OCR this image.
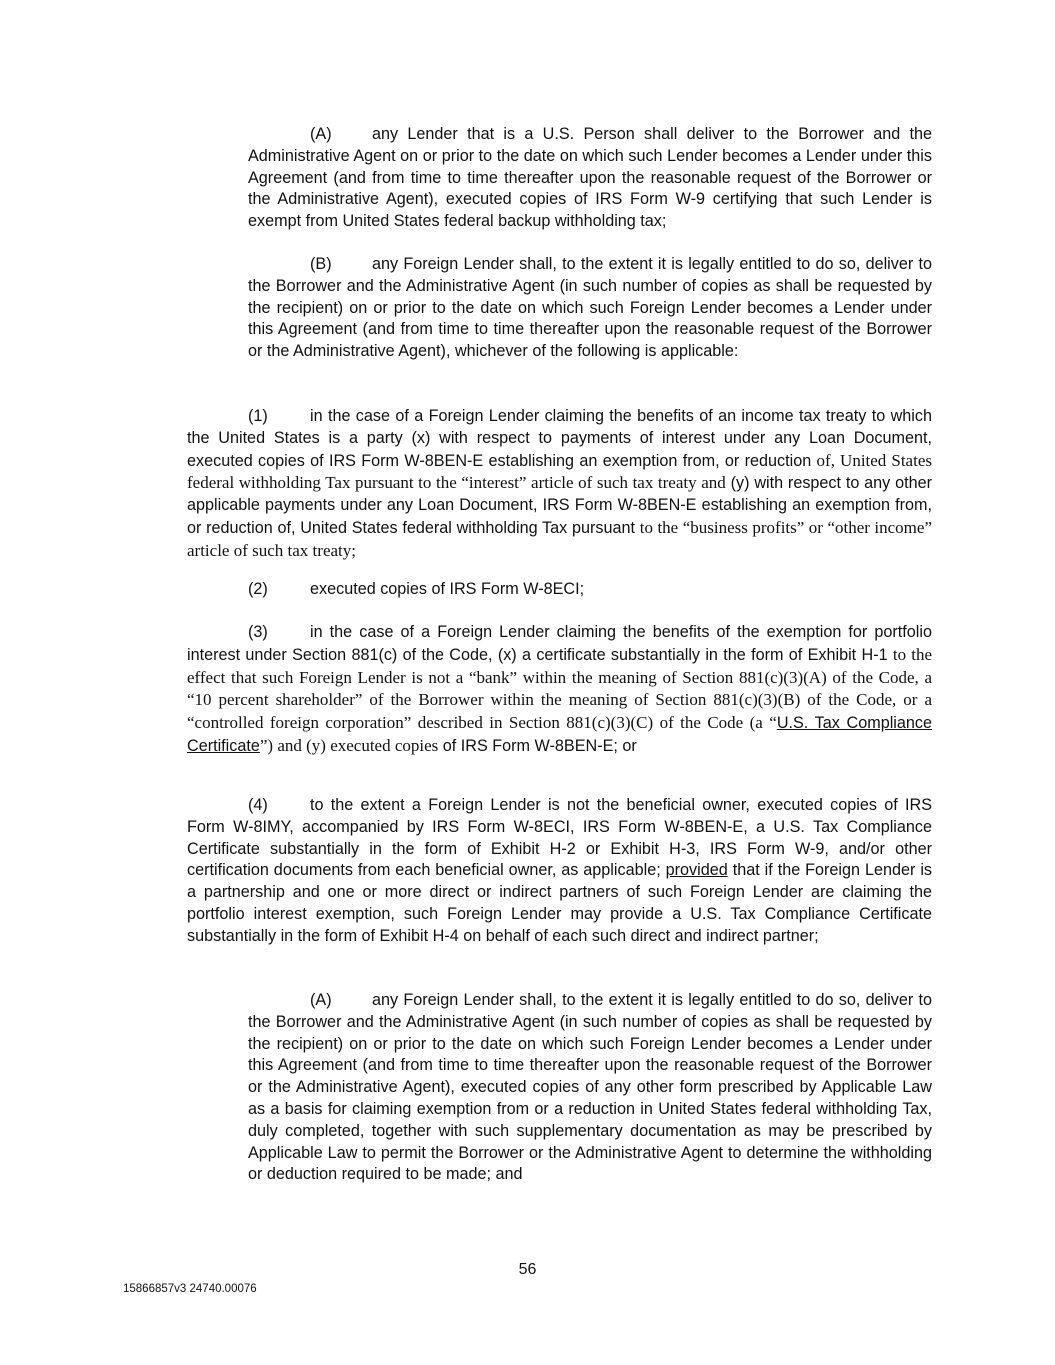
(A) any Lender that is a U.S. Person shall deliver to the Borrower and the Administrative Agent on or prior to the date on which such Lender becomes a Lender under this Agreement (and from time to time thereafter upon the reasonable request of the Borrower or the Administrative Agent), executed copies of IRS Form W-9 certifying that such Lender is exempt from United States federal backup withholding tax;

(B) any Foreign Lender shall, to the extent it is legally entitled to do so, deliver to the Borrower and the Administrative Agent (in such number of copies as shall be requested by the recipient) on or prior to the date on which such Foreign Lender becomes a Lender under this Agreement (and from time to time thereafter upon the reasonable request of the Borrower or the Administrative Agent), whichever of the following is applicable:

(1)	in the case of a Foreign Lender claiming the benefits of an income tax treaty to which the United States is a party (x) with respect to payments of interest under any Loan Document, executed copies of IRS Form W-8BEN-E establishing an exemption from, or reduction of, United States federal withholding Tax pursuant to the “interest” article of such tax treaty and (y) with respect to any other applicable payments under any Loan Document, IRS Form W-8BEN-E establishing an exemption from, or reduction of, United States federal withholding Tax pursuant to the “business profits” or “other income” article of such tax treaty;

(2)	executed copies of IRS Form W-8ECI;

(3)	in the case of a Foreign Lender claiming the benefits of the exemption for portfolio interest under Section 881(c) of the Code, (x) a certificate substantially in the form of Exhibit H-1 to the effect that such Foreign Lender is not a “bank” within the meaning of Section 881(c)(3)(A) of the Code, a “10 percent shareholder” of the Borrower within the meaning of Section 881(c)(3)(B) of the Code, or a “controlled foreign corporation” described in Section 881(c)(3)(C) of the Code (a “U.S. Tax Compliance Certificate”) and (y) executed copies of IRS Form W-8BEN-E; or

(4)	to the extent a Foreign Lender is not the beneficial owner, executed copies of IRS Form W-8IMY, accompanied by IRS Form W-8ECI, IRS Form W-8BEN-E, a U.S. Tax Compliance Certificate substantially in the form of Exhibit H-2 or Exhibit H-3, IRS Form W-9, and/or other certification documents from each beneficial owner, as applicable; provided that if the Foreign Lender is a partnership and one or more direct or indirect partners of such Foreign Lender are claiming the portfolio interest exemption, such Foreign Lender may provide a U.S. Tax Compliance Certificate substantially in the form of Exhibit H-4 on behalf of each such direct and indirect partner;

(A) any Foreign Lender shall, to the extent it is legally entitled to do so, deliver to the Borrower and the Administrative Agent (in such number of copies as shall be requested by the recipient) on or prior to the date on which such Foreign Lender becomes a Lender under this Agreement (and from time to time thereafter upon the reasonable request of the Borrower or the Administrative Agent), executed copies of any other form prescribed by Applicable Law as a basis for claiming exemption from or a reduction in United States federal withholding Tax, duly completed, together with such supplementary documentation as may be prescribed by Applicable Law to permit the Borrower or the Administrative Agent to determine the withholding or deduction required to be made; and

56
15866857v3 24740.00076
